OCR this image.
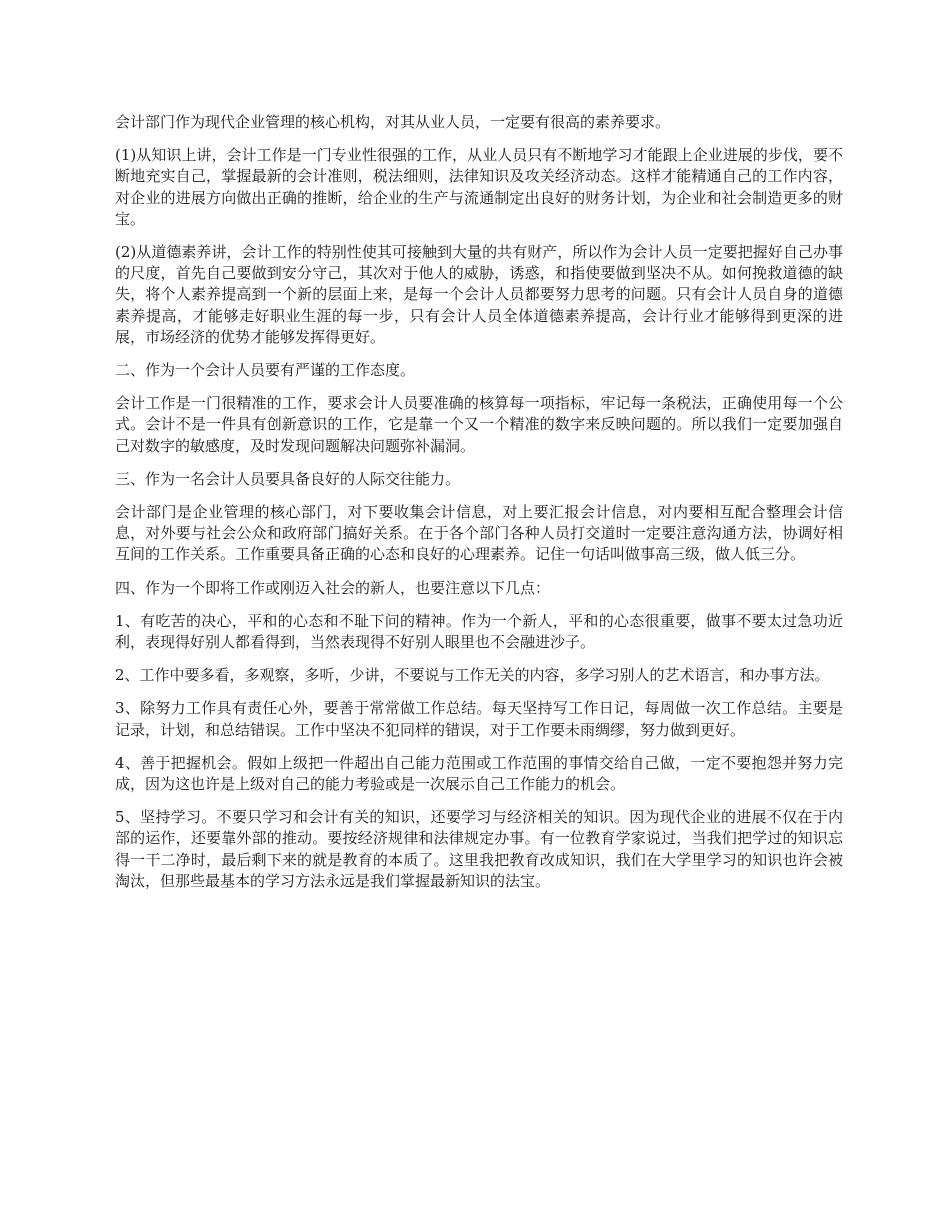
会计部门作为现代企业管理的核心机构，对其从业人员，一定要有很高的素养要求。

(1)从知识上讲，会计工作是一门专业性很强的工作，从业人员只有不断地学习才能跟上企业进展的步伐，要不断地充实自己，掌握最新的会计准则，税法细则，法律知识及攻关经济动态。这样才能精通自己的工作内容，对企业的进展方向做出正确的推断，给企业的生产与流通制定出良好的财务计划，为企业和社会制造更多的财宝。

(2)从道德素养讲，会计工作的特别性使其可接触到大量的共有财产，所以作为会计人员一定要把握好自己办事的尺度，首先自己要做到安分守己，其次对于他人的威胁，诱惑，和指使要做到坚决不从。如何挽救道德的缺失，将个人素养提高到一个新的层面上来，是每一个会计人员都要努力思考的问题。只有会计人员自身的道德素养提高，才能够走好职业生涯的每一步，只有会计人员全体道德素养提高，会计行业才能够得到更深的进展，市场经济的优势才能够发挥得更好。

二、作为一个会计人员要有严谨的工作态度。

会计工作是一门很精准的工作，要求会计人员要准确的核算每一项指标，牢记每一条税法，正确使用每一个公式。会计不是一件具有创新意识的工作，它是靠一个又一个精准的数字来反映问题的。所以我们一定要加强自己对数字的敏感度，及时发现问题解决问题弥补漏洞。

三、作为一名会计人员要具备良好的人际交往能力。

会计部门是企业管理的核心部门，对下要收集会计信息，对上要汇报会计信息，对内要相互配合整理会计信息，对外要与社会公众和政府部门搞好关系。在于各个部门各种人员打交道时一定要注意沟通方法，协调好相互间的工作关系。工作重要具备正确的心态和良好的心理素养。记住一句话叫做事高三级，做人低三分。

四、作为一个即将工作或刚迈入社会的新人，也要注意以下几点：

1、有吃苦的决心，平和的心态和不耻下问的精神。作为一个新人，平和的心态很重要，做事不要太过急功近利，表现得好别人都看得到，当然表现得不好别人眼里也不会融进沙子。

2、工作中要多看，多观察，多听，少讲，不要说与工作无关的内容，多学习别人的艺术语言，和办事方法。

3、除努力工作具有责任心外，要善于常常做工作总结。每天坚持写工作日记，每周做一次工作总结。主要是记录，计划，和总结错误。工作中坚决不犯同样的错误，对于工作要未雨绸缪，努力做到更好。

4、善于把握机会。假如上级把一件超出自己能力范围或工作范围的事情交给自己做，一定不要抱怨并努力完成，因为这也许是上级对自己的能力考验或是一次展示自己工作能力的机会。

5、坚持学习。不要只学习和会计有关的知识，还要学习与经济相关的知识。因为现代企业的进展不仅在于内部的运作，还要靠外部的推动。要按经济规律和法律规定办事。有一位教育学家说过，当我们把学过的知识忘得一干二净时，最后剩下来的就是教育的本质了。这里我把教育改成知识，我们在大学里学习的知识也许会被淘汰，但那些最基本的学习方法永远是我们掌握最新知识的法宝。
